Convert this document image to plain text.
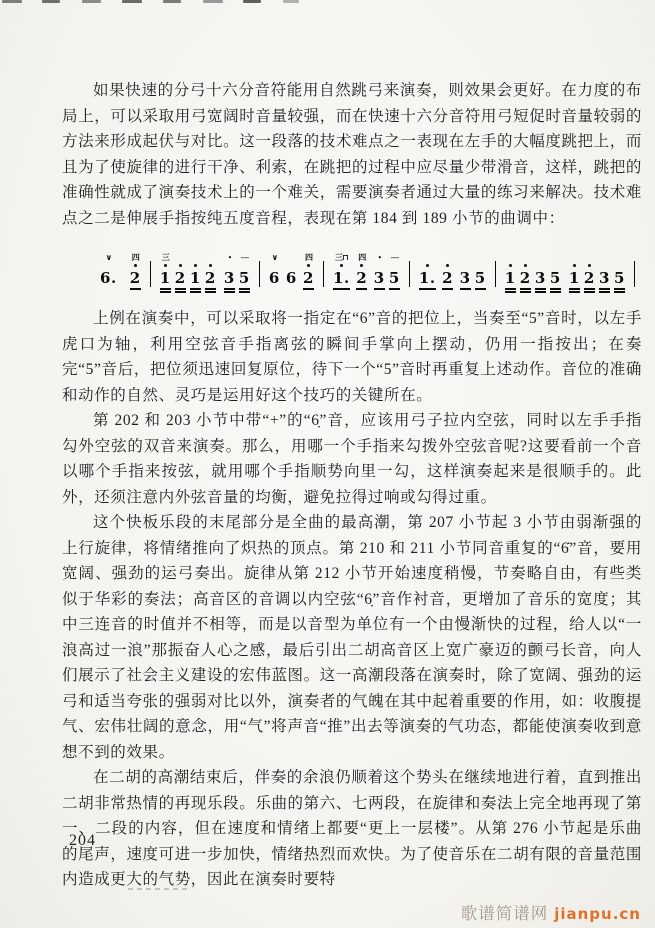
如果快速的分弓十六分音符能用自然跳弓来演奏，则效果会更好。在力度的布局上，可以采取用弓宽阔时音量较强，而在快速十六分音符用弓短促时音量较弱的方法来形成起伏与对比。这一段落的技术难点之一表现在左手的大幅度跳把上，而且为了使旋律的进行干净、利索，在跳把的过程中应尽量少带滑音，这样，跳把的准确性就成了演奏技术上的一个难关，需要演奏者通过大量的练习来解决。技术难点之二是伸展手指按纯五度音程，表现在第 184 到 189 小节的曲调中：

∨
6.
四
2
三
1 2 1 2
•
3
—
5
∨
6 6
四
2
三⊓
1.
四
2
•
3
—
5 1. 2 3 5 1 2 3 5 1 2 3 5

上例在演奏中，可以采取将一指定在“6”音的把位上，当奏至“5”音时，以左手虎口为轴，利用空弦音手指离弦的瞬间手掌向上摆动，仍用一指按出；在奏完“5”音后，把位须迅速回复原位，待下一个“5”音时再重复上述动作。音位的准确和动作的自然、灵巧是运用好这个技巧的关键所在。

第 202 和 203 小节中带“+”的“6̣”音，应该用弓子拉内空弦，同时以左手手指勾外空弦的双音来演奏。那么，用哪一个手指来勾拨外空弦音呢?这要看前一个音以哪个手指来按弦，就用哪个手指顺势向里一勾，这样演奏起来是很顺手的。此外，还须注意内外弦音量的均衡，避免拉得过响或勾得过重。

这个快板乐段的末尾部分是全曲的最高潮，第 207 小节起 3 小节由弱渐强的上行旋律，将情绪推向了炽热的顶点。第 210 和 211 小节同音重复的“6̇”音，要用宽阔、强劲的运弓奏出。旋律从第 212 小节开始速度稍慢，节奏略自由，有些类似于华彩的奏法；高音区的音调以内空弦“6̣”音作衬音，更增加了音乐的宽度；其中三连音的时值并不相等，而是以音型为单位有一个由慢渐快的过程，给人以“一浪高过一浪”那振奋人心之感，最后引出二胡高音区上宽广豪迈的颤弓长音，向人们展示了社会主义建设的宏伟蓝图。这一高潮段落在演奏时，除了宽阔、强劲的运弓和适当夸张的强弱对比以外，演奏者的气魄在其中起着重要的作用，如：收腹提气、宏伟壮阔的意念，用“气”将声音“推”出去等演奏的气功态，都能使演奏收到意想不到的效果。

在二胡的高潮结束后，伴奏的余浪仍顺着这个势头在继续地进行着，直到推出二胡非常热情的再现乐段。乐曲的第六、七两段，在旋律和奏法上完全地再现了第一、二段的内容，但在速度和情绪上都要“更上一层楼”。从第 276 小节起是乐曲的尾声，速度可进一步加快，情绪热烈而欢快。为了使音乐在二胡有限的音量范围内造成更大的气势，因此在演奏时要特

204
歌谱简谱网 jianpu.cn
